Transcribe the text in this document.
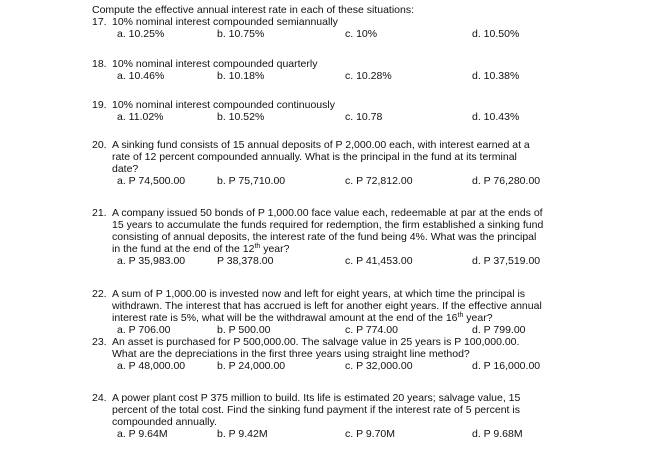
Compute the effective annual interest rate in each of these situations:
17. 10% nominal interest compounded semiannually
a. 10.25%	b. 10.75%	c. 10%	d. 10.50%
18. 10% nominal interest compounded quarterly
a. 10.46%	b. 10.18%	c. 10.28%	d. 10.38%
19. 10% nominal interest compounded continuously
a. 11.02%	b. 10.52%	c. 10.78	d. 10.43%
20. A sinking fund consists of 15 annual deposits of P 2,000.00 each, with interest earned at a
rate of 12 percent compounded annually. What is the principal in the fund at its terminal
date?
a. P 74,500.00	b. P 75,710.00	c. P 72,812.00	d. P 76,280.00
21. A company issued 50 bonds of P 1,000.00 face value each, redeemable at par at the ends of
15 years to accumulate the funds required for redemption, the firm established a sinking fund
consisting of annual deposits, the interest rate of the fund being 4%. What was the principal
in the fund at the end of the 12th year?
a. P 35,983.00	P 38,378.00	c. P 41,453.00	d. P 37,519.00
22. A sum of P 1,000.00 is invested now and left for eight years, at which time the principal is
withdrawn. The interest that has accrued is left for another eight years. If the effective annual
interest rate is 5%, what will be the withdrawal amount at the end of the 16th year?
a. P 706.00	b. P 500.00	c. P 774.00	d. P 799.00
23. An asset is purchased for P 500,000.00. The salvage value in 25 years is P 100,000.00.
What are the depreciations in the first three years using straight line method?
a. P 48,000.00	b. P 24,000.00	c. P 32,000.00	d. P 16,000.00
24. A power plant cost P 375 million to build. Its life is estimated 20 years; salvage value, 15
percent of the total cost. Find the sinking fund payment if the interest rate of 5 percent is
compounded annually.
a. P 9.64M	b. P 9.42M	c. P 9.70M	d. P 9.68M
